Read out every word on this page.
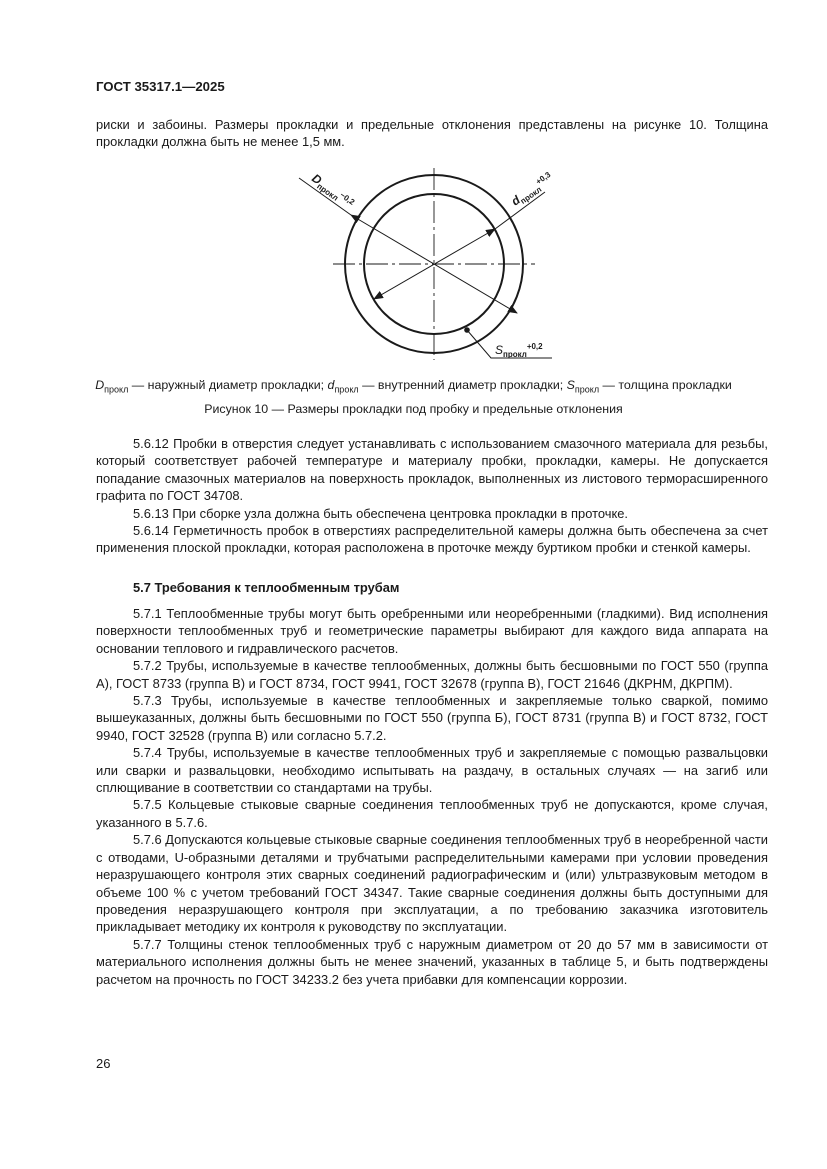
ГОСТ 35317.1—2025
риски и забоины. Размеры прокладки и предельные отклонения представлены на рисунке 10. Толщина прокладки должна быть не менее 1,5 мм.
$D_{прокл}^{-0,2}$	$d_{прокл}^{+0,3}$
$S_{прокл}^{+0,2}$
$D_{прокл}$ — наружный диаметр прокладки; $d_{прокл}$ — внутренний диаметр прокладки; $S_{прокл}$ — толщина прокладки
Рисунок 10 — Размеры прокладки под пробку и предельные отклонения

5.6.12 Пробки в отверстия следует устанавливать с использованием смазочного материала для резьбы, который соответствует рабочей температуре и материалу пробки, прокладки, камеры. Не допускается попадание смазочных материалов на поверхность прокладок, выполненных из листового терморасширенного графита по ГОСТ 34708.

5.6.13 При сборке узла должна быть обеспечена центровка прокладки в проточке.

5.6.14 Герметичность пробок в отверстиях распределительной камеры должна быть обеспечена за счет применения плоской прокладки, которая расположена в проточке между буртиком пробки и стенкой камеры.

5.7 Требования к теплообменным трубам

5.7.1 Теплообменные трубы могут быть оребренными или неоребренными (гладкими). Вид исполнения поверхности теплообменных труб и геометрические параметры выбирают для каждого вида аппарата на основании теплового и гидравлического расчетов.

5.7.2 Трубы, используемые в качестве теплообменных, должны быть бесшовными по ГОСТ 550 (группа А), ГОСТ 8733 (группа В) и ГОСТ 8734, ГОСТ 9941, ГОСТ 32678 (группа В), ГОСТ 21646 (ДКРНМ, ДКРПМ).

5.7.3 Трубы, используемые в качестве теплообменных и закрепляемые только сваркой, помимо вышеуказанных, должны быть бесшовными по ГОСТ 550 (группа Б), ГОСТ 8731 (группа В) и ГОСТ 8732, ГОСТ 9940, ГОСТ 32528 (группа В) или согласно 5.7.2.

5.7.4 Трубы, используемые в качестве теплообменных труб и закрепляемые с помощью развальцовки или сварки и развальцовки, необходимо испытывать на раздачу, в остальных случаях — на загиб или сплющивание в соответствии со стандартами на трубы.

5.7.5 Кольцевые стыковые сварные соединения теплообменных труб не допускаются, кроме случая, указанного в 5.7.6.

5.7.6 Допускаются кольцевые стыковые сварные соединения теплообменных труб в неоребренной части с отводами, U-образными деталями и трубчатыми распределительными камерами при условии проведения неразрушающего контроля этих сварных соединений радиографическим и (или) ультразвуковым методом в объеме 100 % с учетом требований ГОСТ 34347. Такие сварные соединения должны быть доступными для проведения неразрушающего контроля при эксплуатации, а по требованию заказчика изготовитель прикладывает методику их контроля к руководству по эксплуатации.

5.7.7 Толщины стенок теплообменных труб с наружным диаметром от 20 до 57 мм в зависимости от материального исполнения должны быть не менее значений, указанных в таблице 5, и быть подтверждены расчетом на прочность по ГОСТ 34233.2 без учета прибавки для компенсации коррозии.

26
